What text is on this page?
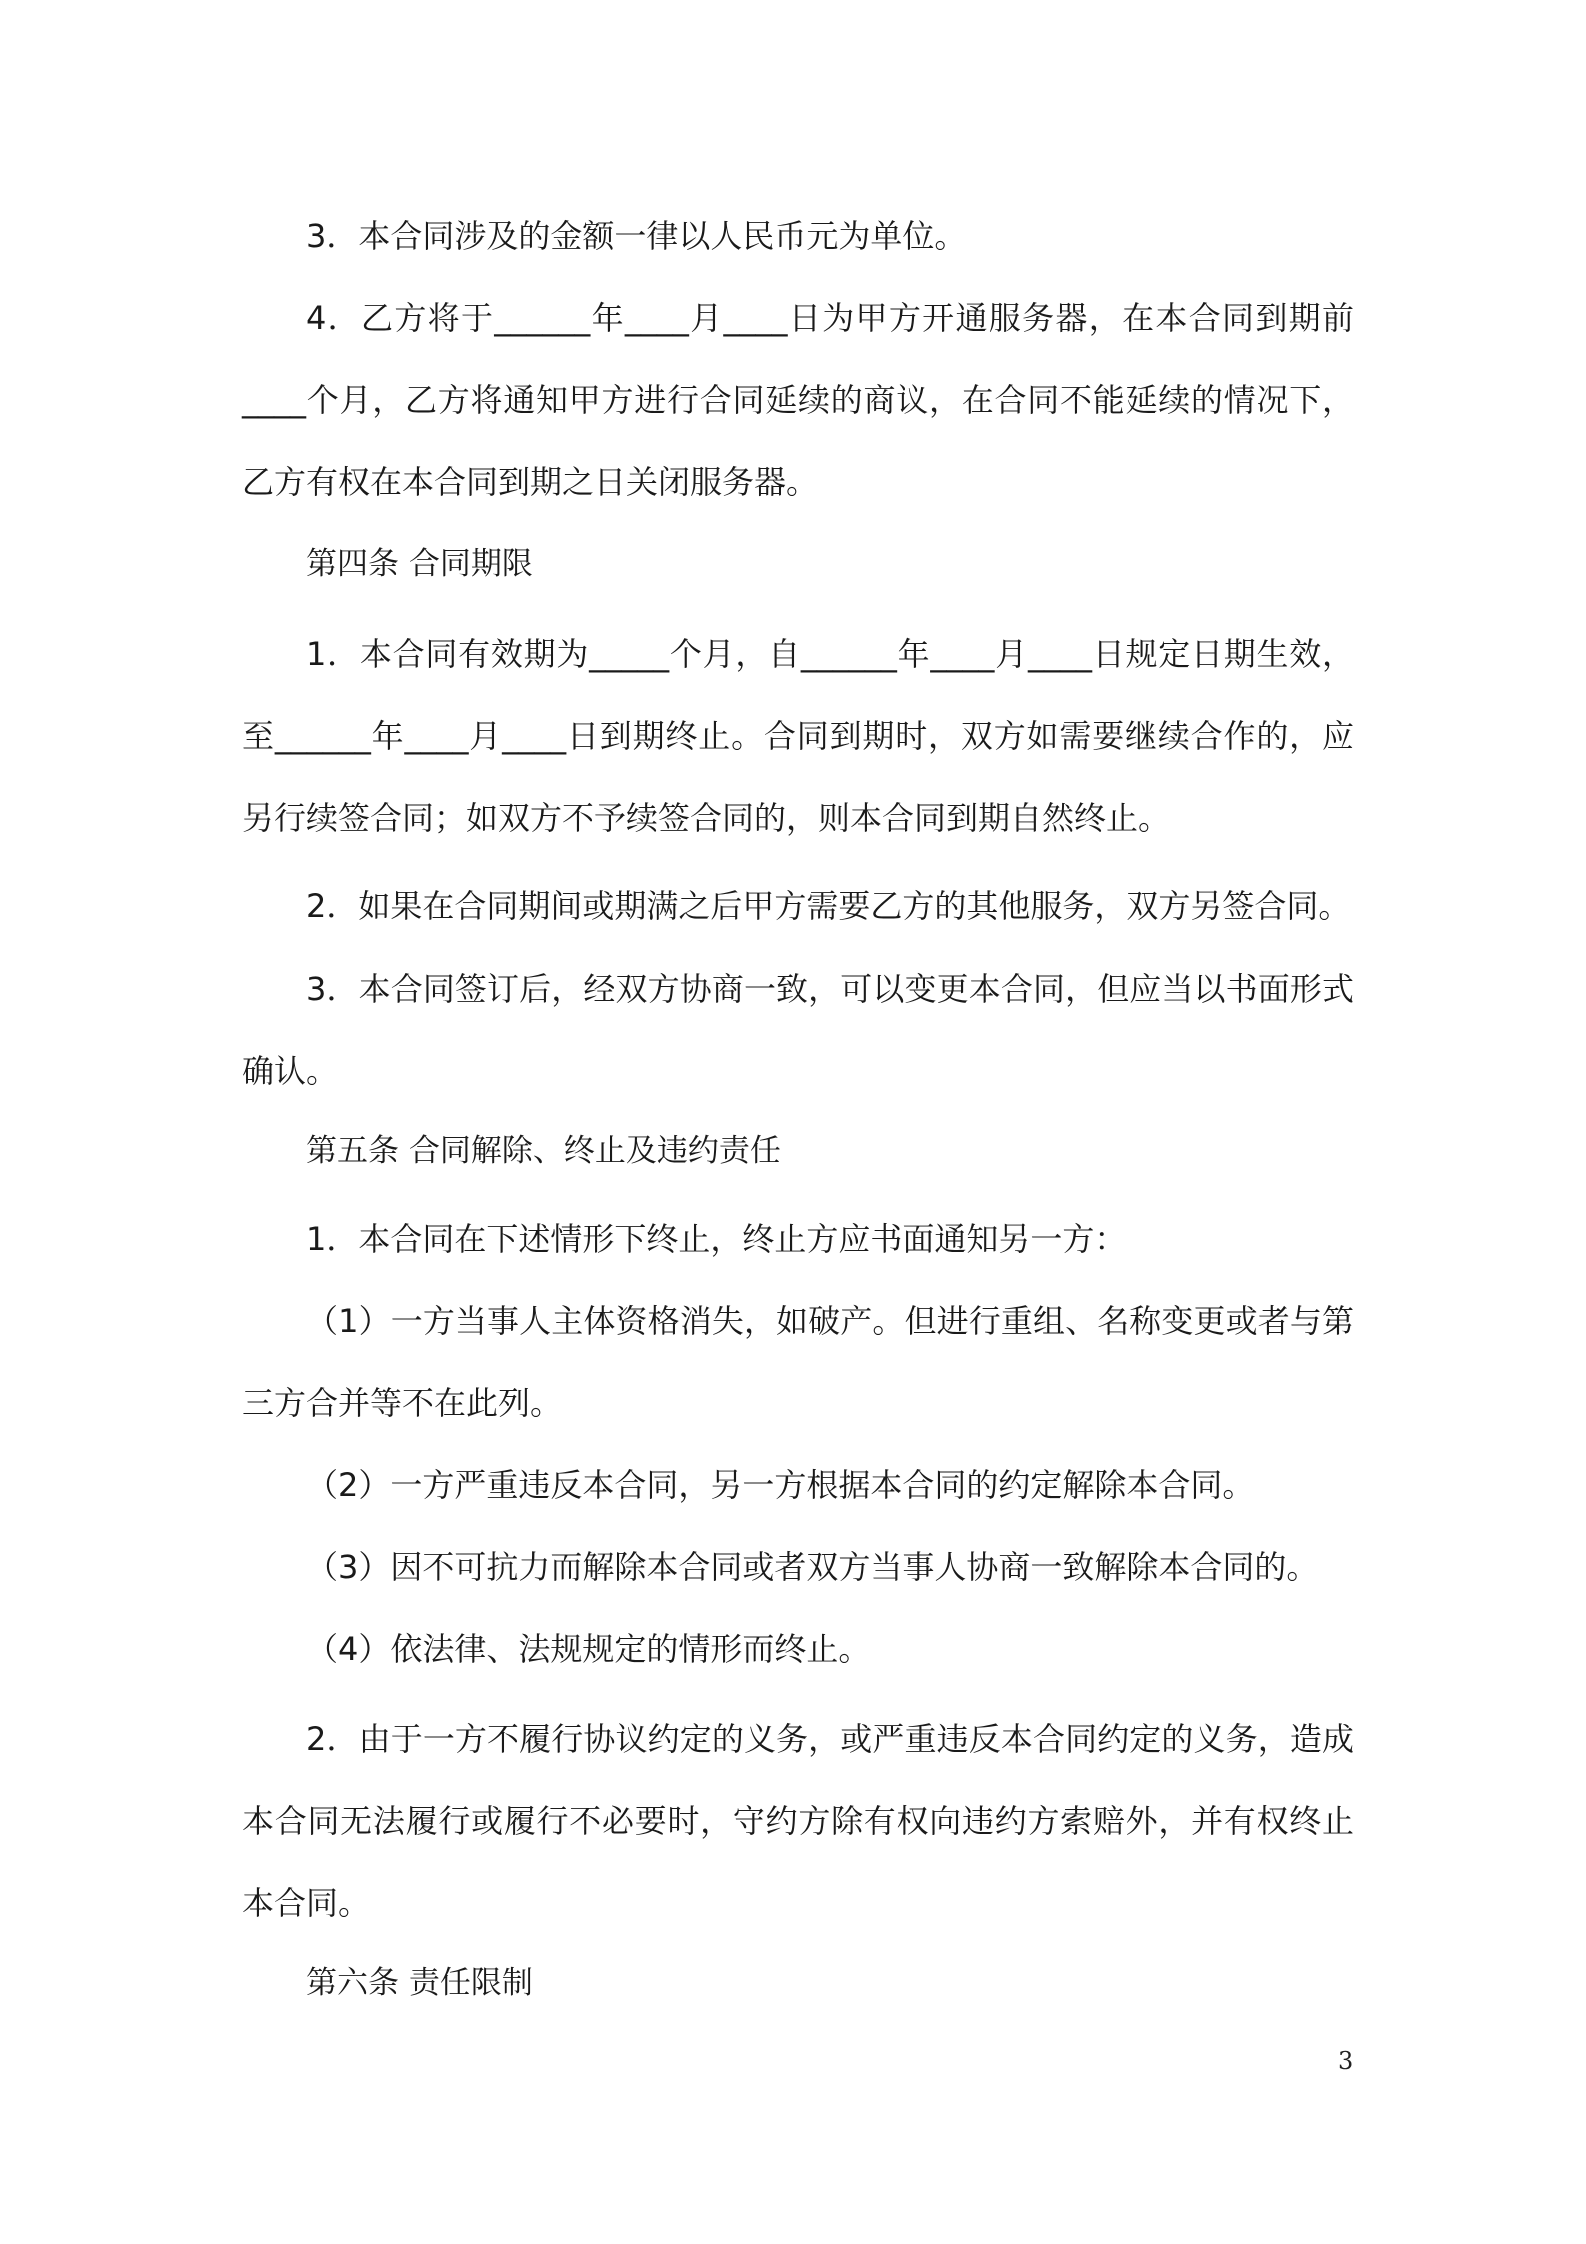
3．本合同涉及的金额一律以人民币元为单位。

4．乙方将于______年____月____日为甲方开通服务器，在本合同到期前____个月，乙方将通知甲方进行合同延续的商议，在合同不能延续的情况下，乙方有权在本合同到期之日关闭服务器。

第四条 合同期限

1．本合同有效期为_____个月，自______年____月____日规定日期生效，至______年____月____日到期终止。合同到期时，双方如需要继续合作的，应另行续签合同；如双方不予续签合同的，则本合同到期自然终止。

2．如果在合同期间或期满之后甲方需要乙方的其他服务，双方另签合同。

3．本合同签订后，经双方协商一致，可以变更本合同，但应当以书面形式确认。

第五条 合同解除、终止及违约责任

1．本合同在下述情形下终止，终止方应书面通知另一方：

（1）一方当事人主体资格消失，如破产。但进行重组、名称变更或者与第三方合并等不在此列。

（2）一方严重违反本合同，另一方根据本合同的约定解除本合同。

（3）因不可抗力而解除本合同或者双方当事人协商一致解除本合同的。

（4）依法律、法规规定的情形而终止。

2．由于一方不履行协议约定的义务，或严重违反本合同约定的义务，造成本合同无法履行或履行不必要时，守约方除有权向违约方索赔外，并有权终止本合同。

第六条 责任限制

3
